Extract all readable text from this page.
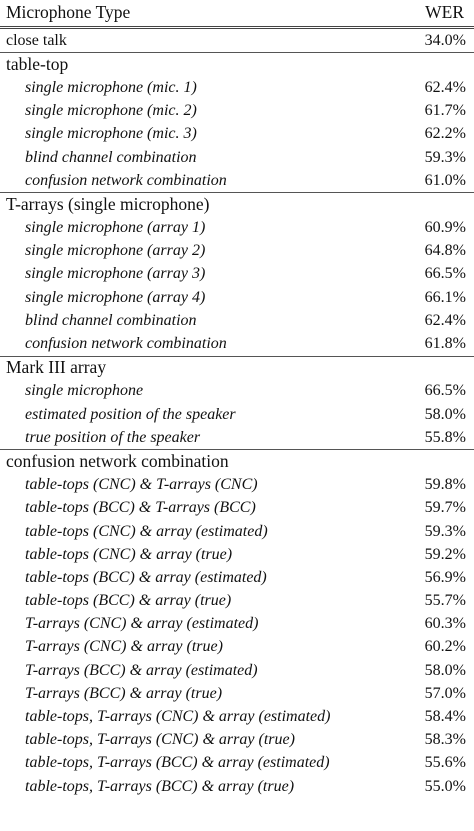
Microphone Type	WER
close talk	34.0%
table-top
single microphone (mic. 1)	62.4%
single microphone (mic. 2)	61.7%
single microphone (mic. 3)	62.2%
blind channel combination	59.3%
confusion network combination	61.0%
T-arrays (single microphone)
single microphone (array 1)	60.9%
single microphone (array 2)	64.8%
single microphone (array 3)	66.5%
single microphone (array 4)	66.1%
blind channel combination	62.4%
confusion network combination	61.8%
Mark III array
single microphone	66.5%
estimated position of the speaker	58.0%
true position of the speaker	55.8%
confusion network combination
table-tops (CNC) & T-arrays (CNC)	59.8%
table-tops (BCC) & T-arrays (BCC)	59.7%
table-tops (CNC) & array (estimated)	59.3%
table-tops (CNC) & array (true)	59.2%
table-tops (BCC) & array (estimated)	56.9%
table-tops (BCC) & array (true)	55.7%
T-arrays (CNC) & array (estimated)	60.3%
T-arrays (CNC) & array (true)	60.2%
T-arrays (BCC) & array (estimated)	58.0%
T-arrays (BCC) & array (true)	57.0%
table-tops, T-arrays (CNC) & array (estimated)	58.4%
table-tops, T-arrays (CNC) & array (true)	58.3%
table-tops, T-arrays (BCC) & array (estimated)	55.6%
table-tops, T-arrays (BCC) & array (true)	55.0%
